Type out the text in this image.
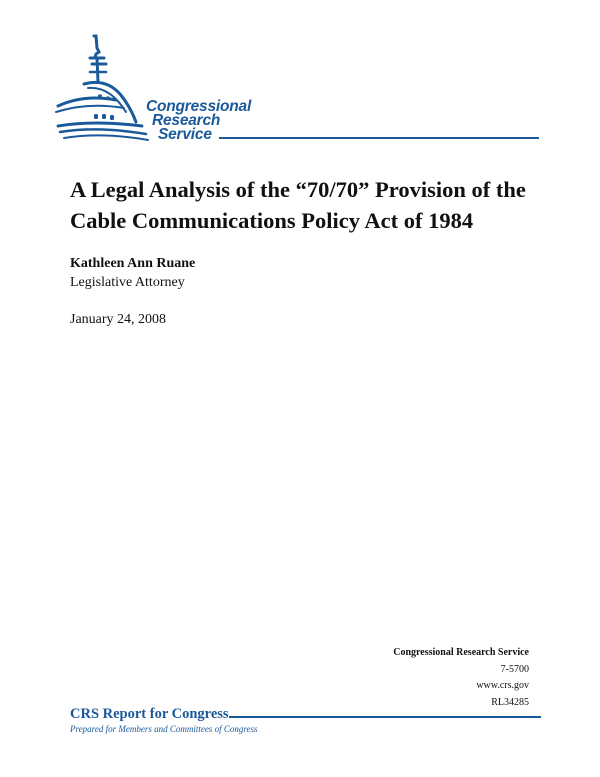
Congressional
Research
Service
A Legal Analysis of the “70/70” Provision of the Cable Communications Policy Act of 1984
Kathleen Ann Ruane
Legislative Attorney
January 24, 2008
Congressional Research Service
7-5700
www.crs.gov
RL34285
CRS Report for Congress
Prepared for Members and Committees of Congress
